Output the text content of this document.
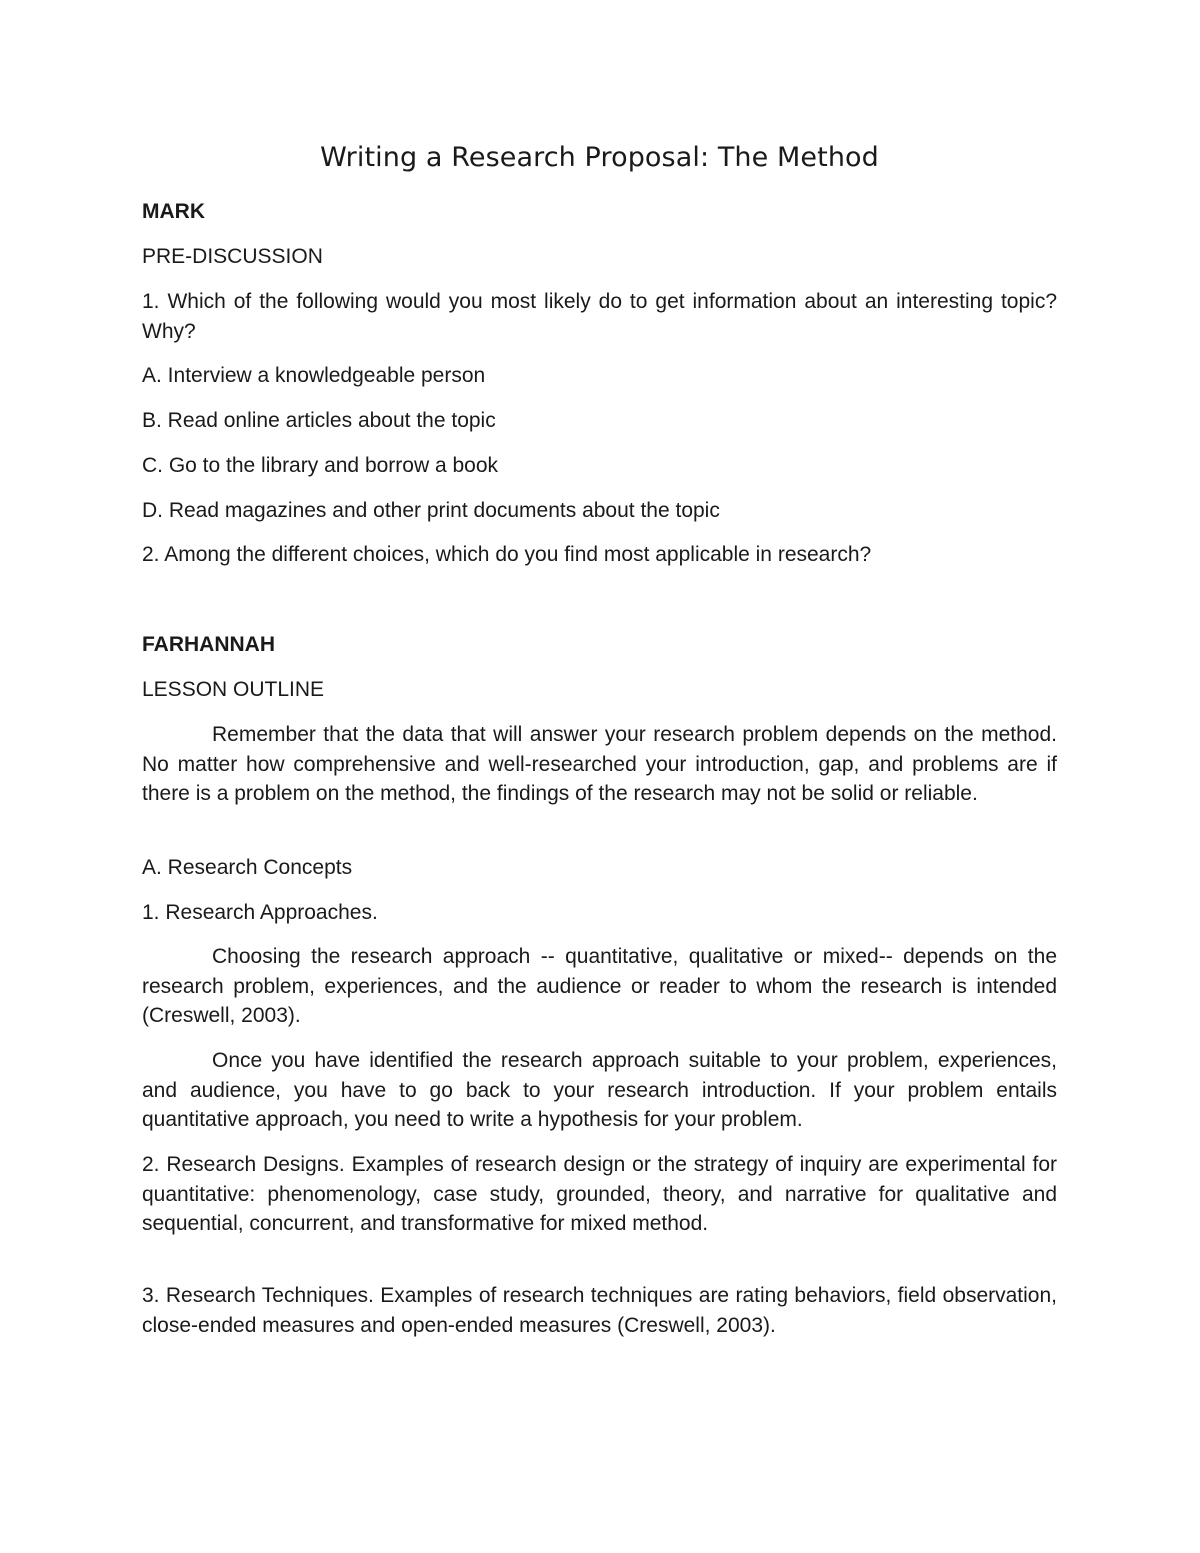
Writing a Research Proposal: The Method

MARK

PRE-DISCUSSION

1. Which of the following would you most likely do to get information about an interesting topic? Why?

A. Interview a knowledgeable person

B. Read online articles about the topic

C. Go to the library and borrow a book

D. Read magazines and other print documents about the topic

2. Among the different choices, which do you find most applicable in research?

FARHANNAH

LESSON OUTLINE

Remember that the data that will answer your research problem depends on the method. No matter how comprehensive and well-researched your introduction, gap, and problems are if there is a problem on the method, the findings of the research may not be solid or reliable.

A. Research Concepts

1. Research Approaches.

Choosing the research approach -- quantitative, qualitative or mixed-- depends on the research problem, experiences, and the audience or reader to whom the research is intended (Creswell, 2003).

Once you have identified the research approach suitable to your problem, experiences, and audience, you have to go back to your research introduction. If your problem entails quantitative approach, you need to write a hypothesis for your problem.

2. Research Designs. Examples of research design or the strategy of inquiry are experimental for quantitative: phenomenology, case study, grounded, theory, and narrative for qualitative and sequential, concurrent, and transformative for mixed method.

3. Research Techniques. Examples of research techniques are rating behaviors, field observation, close-ended measures and open-ended measures (Creswell, 2003).
